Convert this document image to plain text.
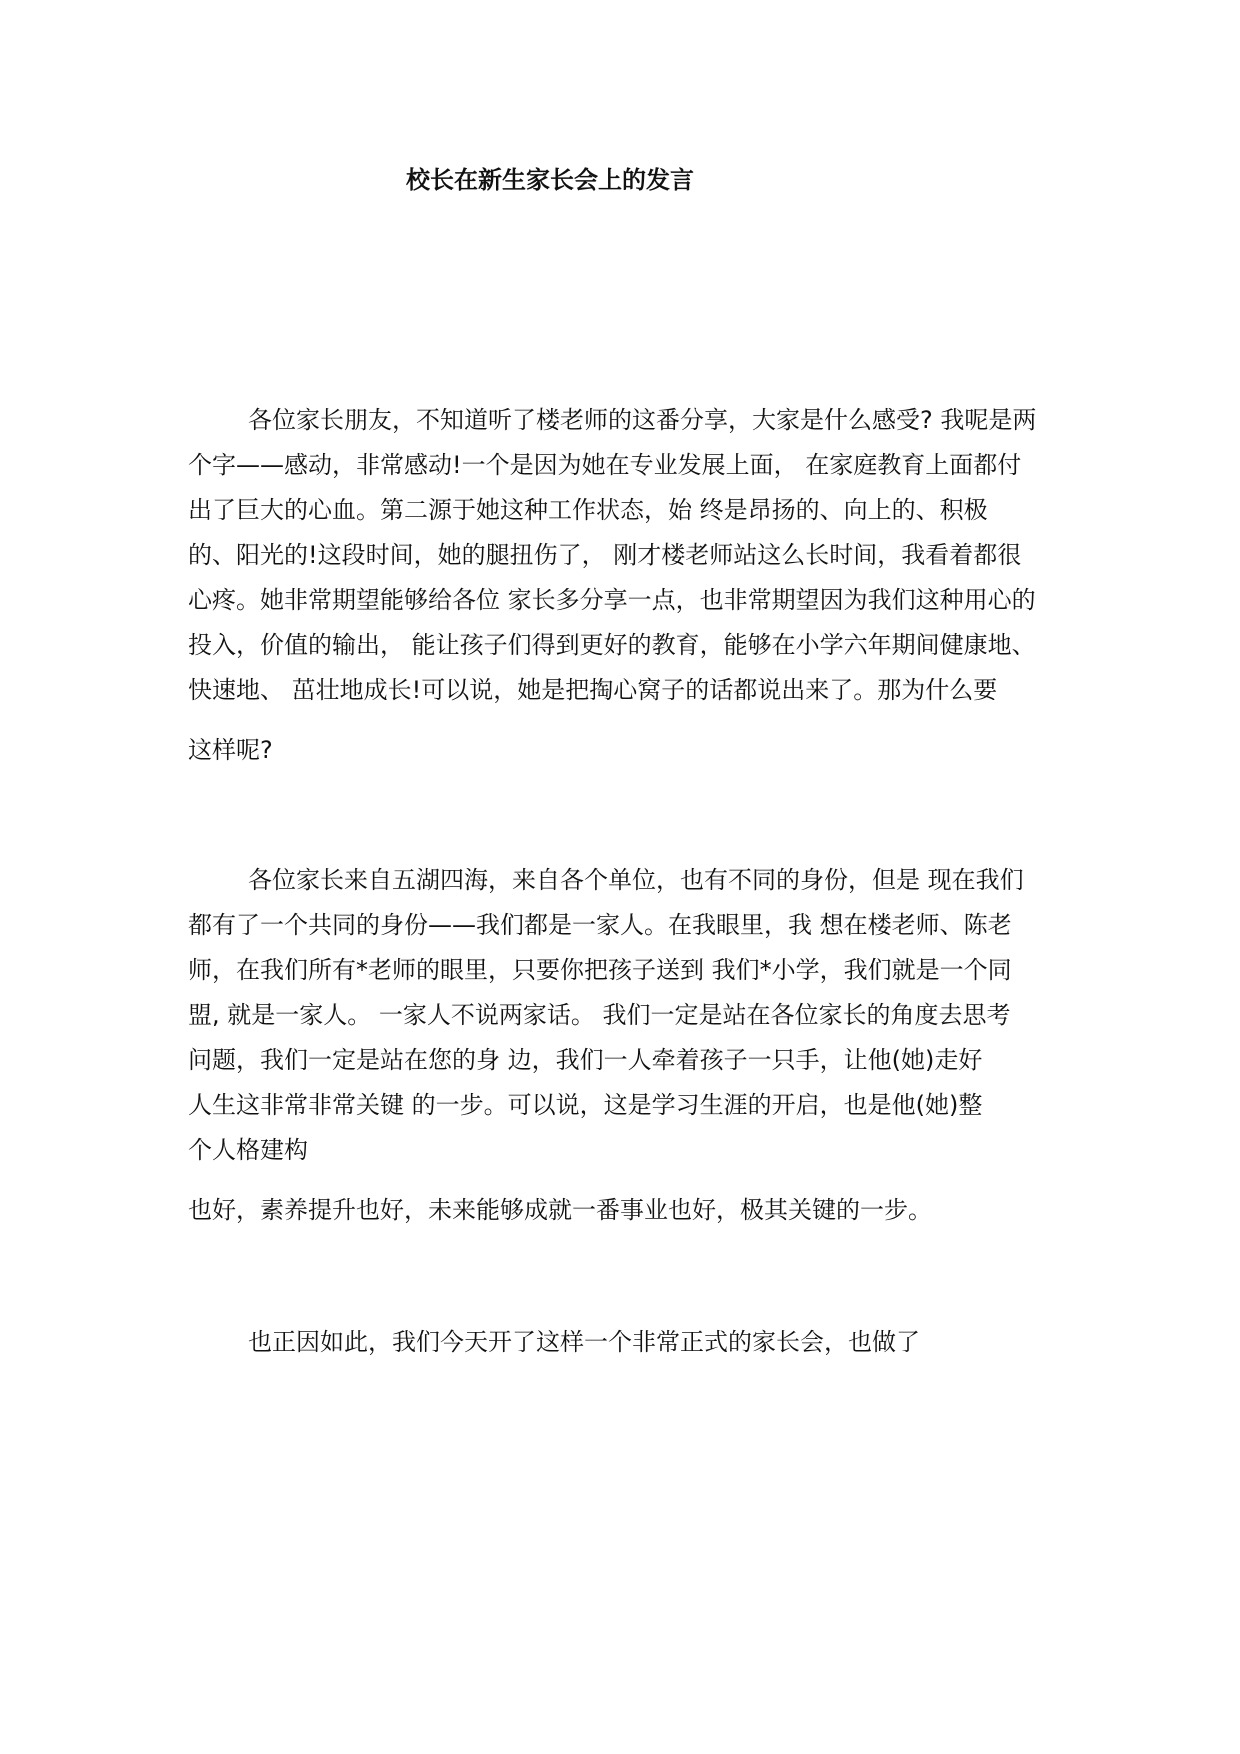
校长在新生家长会上的发言
各位家长朋友，不知道听了楼老师的这番分享，大家是什么感受? 我呢是两
个字——感动，非常感动!一个是因为她在专业发展上面， 在家庭教育上面都付
出了巨大的心血。第二源于她这种工作状态，始 终是昂扬的、向上的、积极
的、阳光的!这段时间，她的腿扭伤了， 刚才楼老师站这么长时间，我看着都很
心疼。她非常期望能够给各位 家长多分享一点，也非常期望因为我们这种用心的
投入，价值的输出， 能让孩子们得到更好的教育，能够在小学六年期间健康地、
快速地、 茁壮地成长!可以说，她是把掏心窝子的话都说出来了。那为什么要
这样呢?
各位家长来自五湖四海，来自各个单位，也有不同的身份，但是 现在我们
都有了一个共同的身份——我们都是一家人。在我眼里，我 想在楼老师、陈老
师，在我们所有*老师的眼里，只要你把孩子送到 我们*小学，我们就是一个同
盟, 就是一家人。 一家人不说两家话。 我们一定是站在各位家长的角度去思考
问题，我们一定是站在您的身 边，我们一人牵着孩子一只手，让他(她)走好
人生这非常非常关键 的一步。可以说，这是学习生涯的开启，也是他(她)整
个人格建构
也好，素养提升也好，未来能够成就一番事业也好，极其关键的一步。
也正因如此，我们今天开了这样一个非常正式的家长会，也做了
